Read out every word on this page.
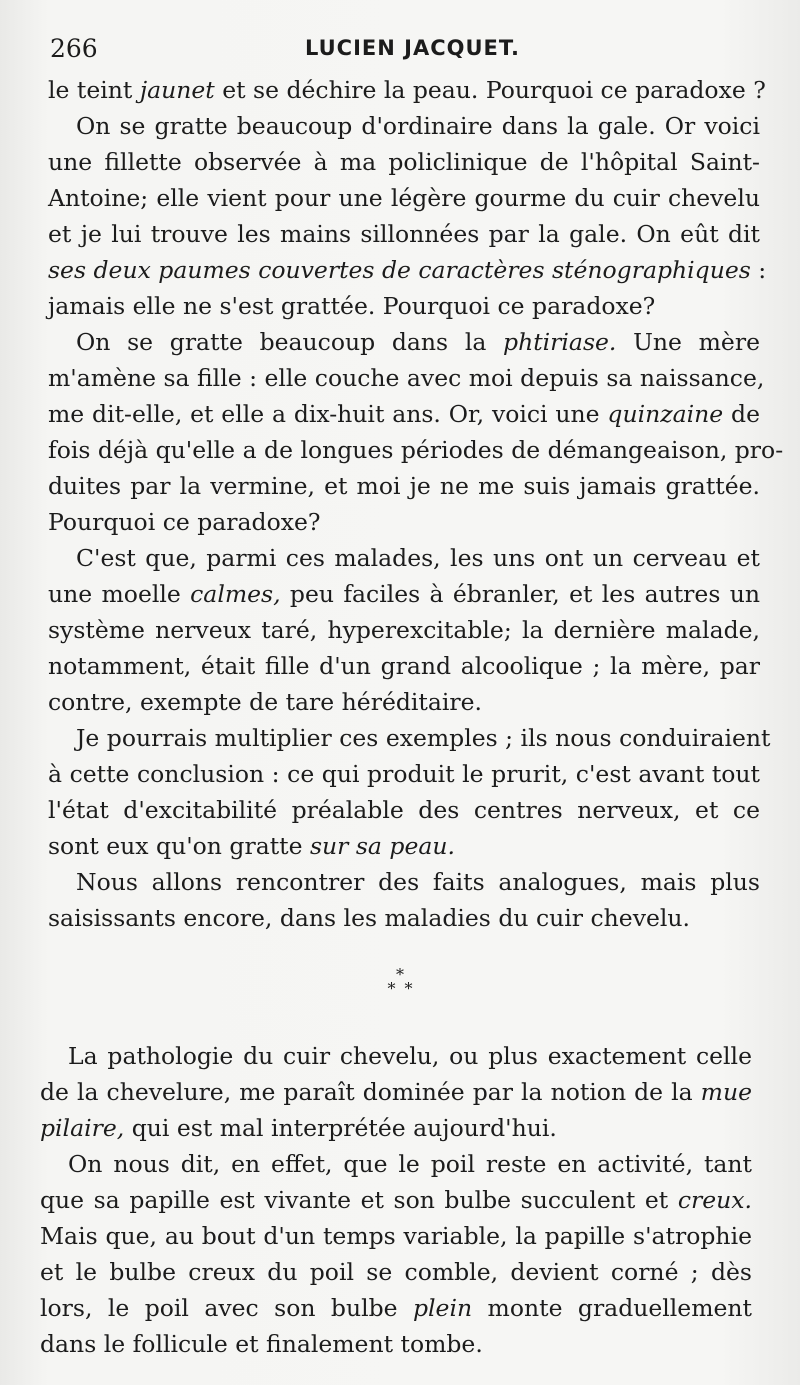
266	LUCIEN JACQUET.
le teint jaunet et se déchire la peau. Pourquoi ce paradoxe ?
On se gratte beaucoup d'ordinaire dans la gale. Or voici
une fillette observée à ma policlinique de l'hôpital Saint-
Antoine; elle vient pour une légère gourme du cuir chevelu
et je lui trouve les mains sillonnées par la gale. On eût dit
ses deux paumes couvertes de caractères sténographiques :
jamais elle ne s'est grattée. Pourquoi ce paradoxe?
On se gratte beaucoup dans la phtiriase. Une mère
m'amène sa fille : elle couche avec moi depuis sa naissance,
me dit-elle, et elle a dix-huit ans. Or, voici une quinzaine de
fois déjà qu'elle a de longues périodes de démangeaison, pro-
duites par la vermine, et moi je ne me suis jamais grattée.
Pourquoi ce paradoxe?
C'est que, parmi ces malades, les uns ont un cerveau et
une moelle calmes, peu faciles à ébranler, et les autres un
système nerveux taré, hyperexcitable; la dernière malade,
notamment, était fille d'un grand alcoolique ; la mère, par
contre, exempte de tare héréditaire.
Je pourrais multiplier ces exemples ; ils nous conduiraient
à cette conclusion : ce qui produit le prurit, c'est avant tout
l'état d'excitabilité préalable des centres nerveux, et ce
sont eux qu'on gratte sur sa peau.
Nous allons rencontrer des faits analogues, mais plus
saisissants encore, dans les maladies du cuir chevelu.
*
* *
La pathologie du cuir chevelu, ou plus exactement celle
de la chevelure, me paraît dominée par la notion de la mue
pilaire, qui est mal interprétée aujourd'hui.
On nous dit, en effet, que le poil reste en activité, tant
que sa papille est vivante et son bulbe succulent et creux.
Mais que, au bout d'un temps variable, la papille s'atrophie
et le bulbe creux du poil se comble, devient corné ; dès
lors, le poil avec son bulbe plein monte graduellement
dans le follicule et finalement tombe.
